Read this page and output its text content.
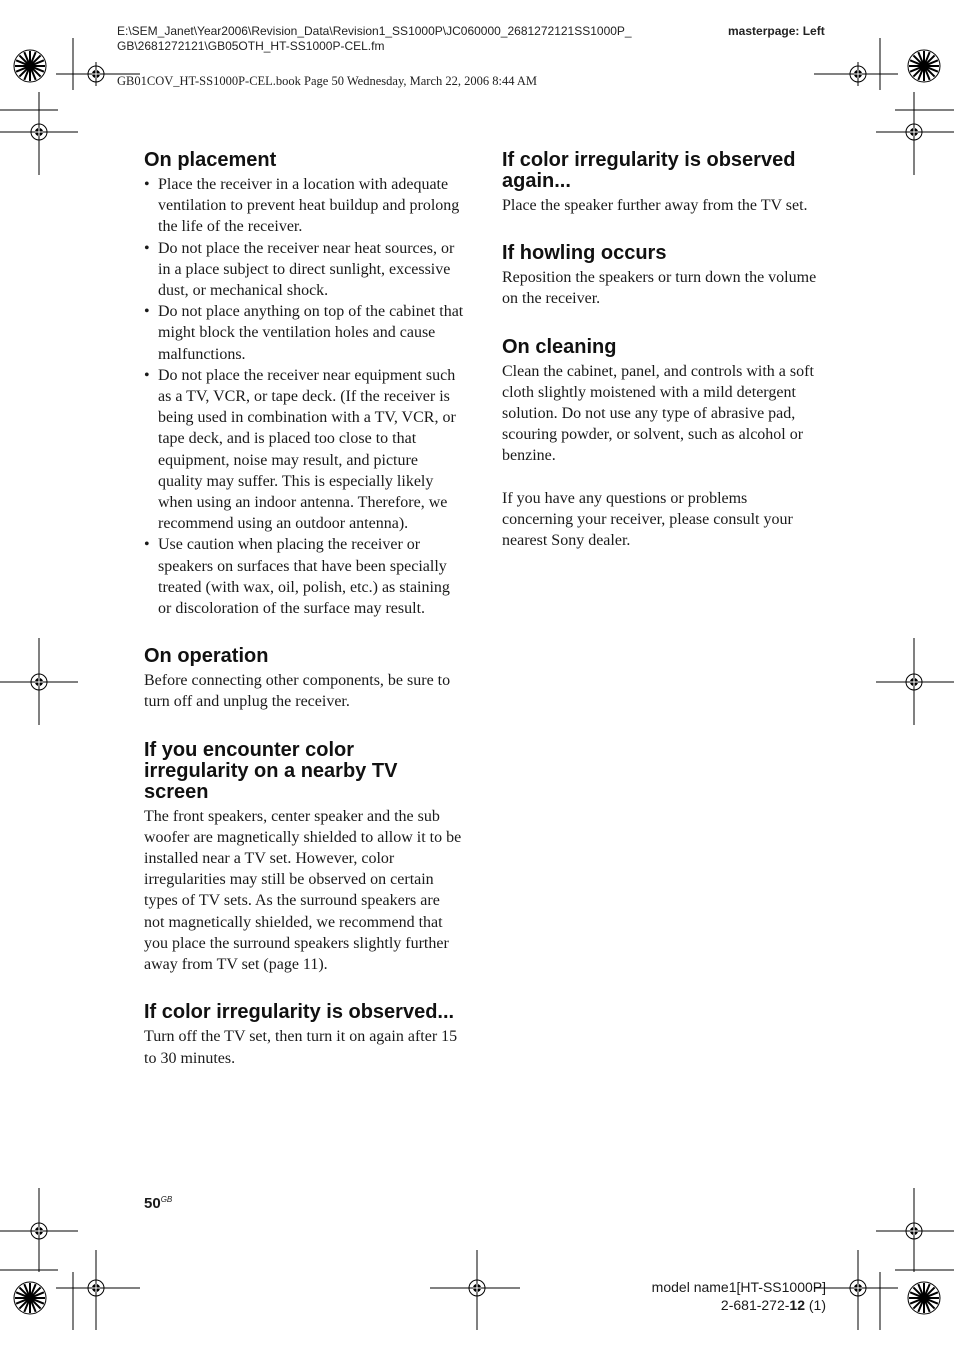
E:\SEM_Janet\Year2006\Revision_Data\Revision1_SS1000P\JC060000_2681272121SS1000P_
GB\2681272121\GB05OTH_HT-SS1000P-CEL.fm
masterpage: Left
GB01COV_HT-SS1000P-CEL.book Page 50 Wednesday, March 22, 2006 8:44 AM
On placement
• Place the receiver in a location with adequate ventilation to prevent heat buildup and prolong the life of the receiver.
• Do not place the receiver near heat sources, or in a place subject to direct sunlight, excessive dust, or mechanical shock.
• Do not place anything on top of the cabinet that might block the ventilation holes and cause malfunctions.
• Do not place the receiver near equipment such as a TV, VCR, or tape deck. (If the receiver is being used in combination with a TV, VCR, or tape deck, and is placed too close to that equipment, noise may result, and picture quality may suffer. This is especially likely when using an indoor antenna. Therefore, we recommend using an outdoor antenna).
• Use caution when placing the receiver or speakers on surfaces that have been specially treated (with wax, oil, polish, etc.) as staining or discoloration of the surface may result.
On operation

Before connecting other components, be sure to turn off and unplug the receiver.

If you encounter color irregularity on a nearby TV screen

The front speakers, center speaker and the sub woofer are magnetically shielded to allow it to be installed near a TV set. However, color irregularities may still be observed on certain types of TV sets. As the surround speakers are not magnetically shielded, we recommend that you place the surround speakers slightly further away from TV set (page 11).

If color irregularity is observed...

Turn off the TV set, then turn it on again after 15 to 30 minutes.

If color irregularity is observed again...

Place the speaker further away from the TV set.

If howling occurs

Reposition the speakers or turn down the volume on the receiver.

On cleaning

Clean the cabinet, panel, and controls with a soft cloth slightly moistened with a mild detergent solution. Do not use any type of abrasive pad, scouring powder, or solvent, such as alcohol or benzine.

If you have any questions or problems concerning your receiver, please consult your nearest Sony dealer.

$50^{GB}$
model name1[HT-SS1000P]
2-681-272-12 (1)
